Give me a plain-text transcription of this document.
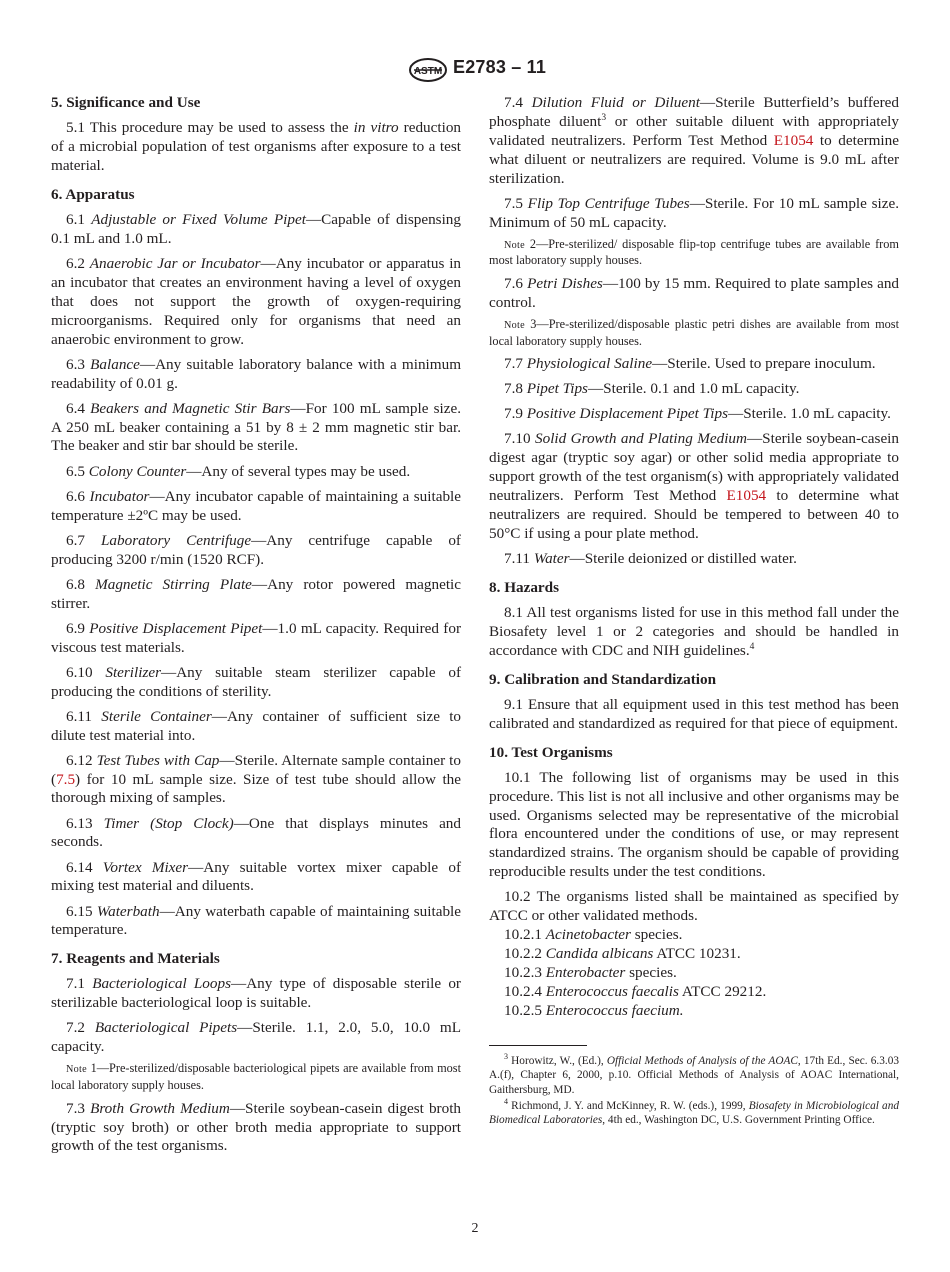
ASTM E2783 – 11

5. Significance and Use

5.1 This procedure may be used to assess the in vitro reduction of a microbial population of test organisms after exposure to a test material.

6. Apparatus

6.1 Adjustable or Fixed Volume Pipet—Capable of dispensing 0.1 mL and 1.0 mL.

6.2 Anaerobic Jar or Incubator—Any incubator or apparatus in an incubator that creates an environment having a level of oxygen that does not support the growth of oxygen-requiring microorganisms. Required only for organisms that need an anaerobic environment to grow.

6.3 Balance—Any suitable laboratory balance with a minimum readability of 0.01 g.

6.4 Beakers and Magnetic Stir Bars—For 100 mL sample size. A 250 mL beaker containing a 51 by 8 ± 2 mm magnetic stir bar. The beaker and stir bar should be sterile.

6.5 Colony Counter—Any of several types may be used.

6.6 Incubator—Any incubator capable of maintaining a suitable temperature ±2ºC may be used.

6.7 Laboratory Centrifuge—Any centrifuge capable of producing 3200 r/min (1520 RCF).

6.8 Magnetic Stirring Plate—Any rotor powered magnetic stirrer.

6.9 Positive Displacement Pipet—1.0 mL capacity. Required for viscous test materials.

6.10 Sterilizer—Any suitable steam sterilizer capable of producing the conditions of sterility.

6.11 Sterile Container—Any container of sufficient size to dilute test material into.

6.12 Test Tubes with Cap—Sterile. Alternate sample container to (7.5) for 10 mL sample size. Size of test tube should allow the thorough mixing of samples.

6.13 Timer (Stop Clock)—One that displays minutes and seconds.

6.14 Vortex Mixer—Any suitable vortex mixer capable of mixing test material and diluents.

6.15 Waterbath—Any waterbath capable of maintaining suitable temperature.

7. Reagents and Materials

7.1 Bacteriological Loops—Any type of disposable sterile or sterilizable bacteriological loop is suitable.

7.2 Bacteriological Pipets—Sterile. 1.1, 2.0, 5.0, 10.0 mL capacity.

Note 1—Pre-sterilized/disposable bacteriological pipets are available from most local laboratory supply houses.

7.3 Broth Growth Medium—Sterile soybean-casein digest broth (tryptic soy broth) or other broth media appropriate to support growth of the test organisms.

7.4 Dilution Fluid or Diluent—Sterile Butterfield’s buffered phosphate diluent$^3$ or other suitable diluent with appropriately validated neutralizers. Perform Test Method E1054 to determine what diluent or neutralizers are required. Volume is 9.0 mL after sterilization.

7.5 Flip Top Centrifuge Tubes—Sterile. For 10 mL sample size. Minimum of 50 mL capacity.

Note 2—Pre-sterilized/ disposable flip-top centrifuge tubes are available from most laboratory supply houses.

7.6 Petri Dishes—100 by 15 mm. Required to plate samples and control.

Note 3—Pre-sterilized/disposable plastic petri dishes are available from most local laboratory supply houses.

7.7 Physiological Saline—Sterile. Used to prepare inoculum.

7.8 Pipet Tips—Sterile. 0.1 and 1.0 mL capacity.

7.9 Positive Displacement Pipet Tips—Sterile. 1.0 mL capacity.

7.10 Solid Growth and Plating Medium—Sterile soybean-casein digest agar (tryptic soy agar) or other solid media appropriate to support growth of the test organism(s) with appropriately validated neutralizers. Perform Test Method E1054 to determine what neutralizers are required. Should be tempered to between 40 to 50°C if using a pour plate method.

7.11 Water—Sterile deionized or distilled water.

8. Hazards

8.1 All test organisms listed for use in this method fall under the Biosafety level 1 or 2 categories and should be handled in accordance with CDC and NIH guidelines.$^4$

9. Calibration and Standardization

9.1 Ensure that all equipment used in this test method has been calibrated and standardized as required for that piece of equipment.

10. Test Organisms

10.1 The following list of organisms may be used in this procedure. This list is not all inclusive and other organisms may be used. Organisms selected may be representative of the microbial flora encountered under the conditions of use, or may represent standardized strains. The organism should be capable of providing reproducible results under the test conditions.

10.2 The organisms listed shall be maintained as specified by ATCC or other validated methods.

10.2.1 Acinetobacter species.

10.2.2 Candida albicans ATCC 10231.

10.2.3 Enterobacter species.

10.2.4 Enterococcus faecalis ATCC 29212.

10.2.5 Enterococcus faecium.

$^3$ Horowitz, W., (Ed.), Official Methods of Analysis of the AOAC, 17th Ed., Sec. 6.3.03 A.(f), Chapter 6, 2000, p.10. Official Methods of Analysis of AOAC International, Gaithersburg, MD.

$^4$ Richmond, J. Y. and McKinney, R. W. (eds.), 1999, Biosafety in Microbiological and Biomedical Laboratories, 4th ed., Washington DC, U.S. Government Printing Office.

2
